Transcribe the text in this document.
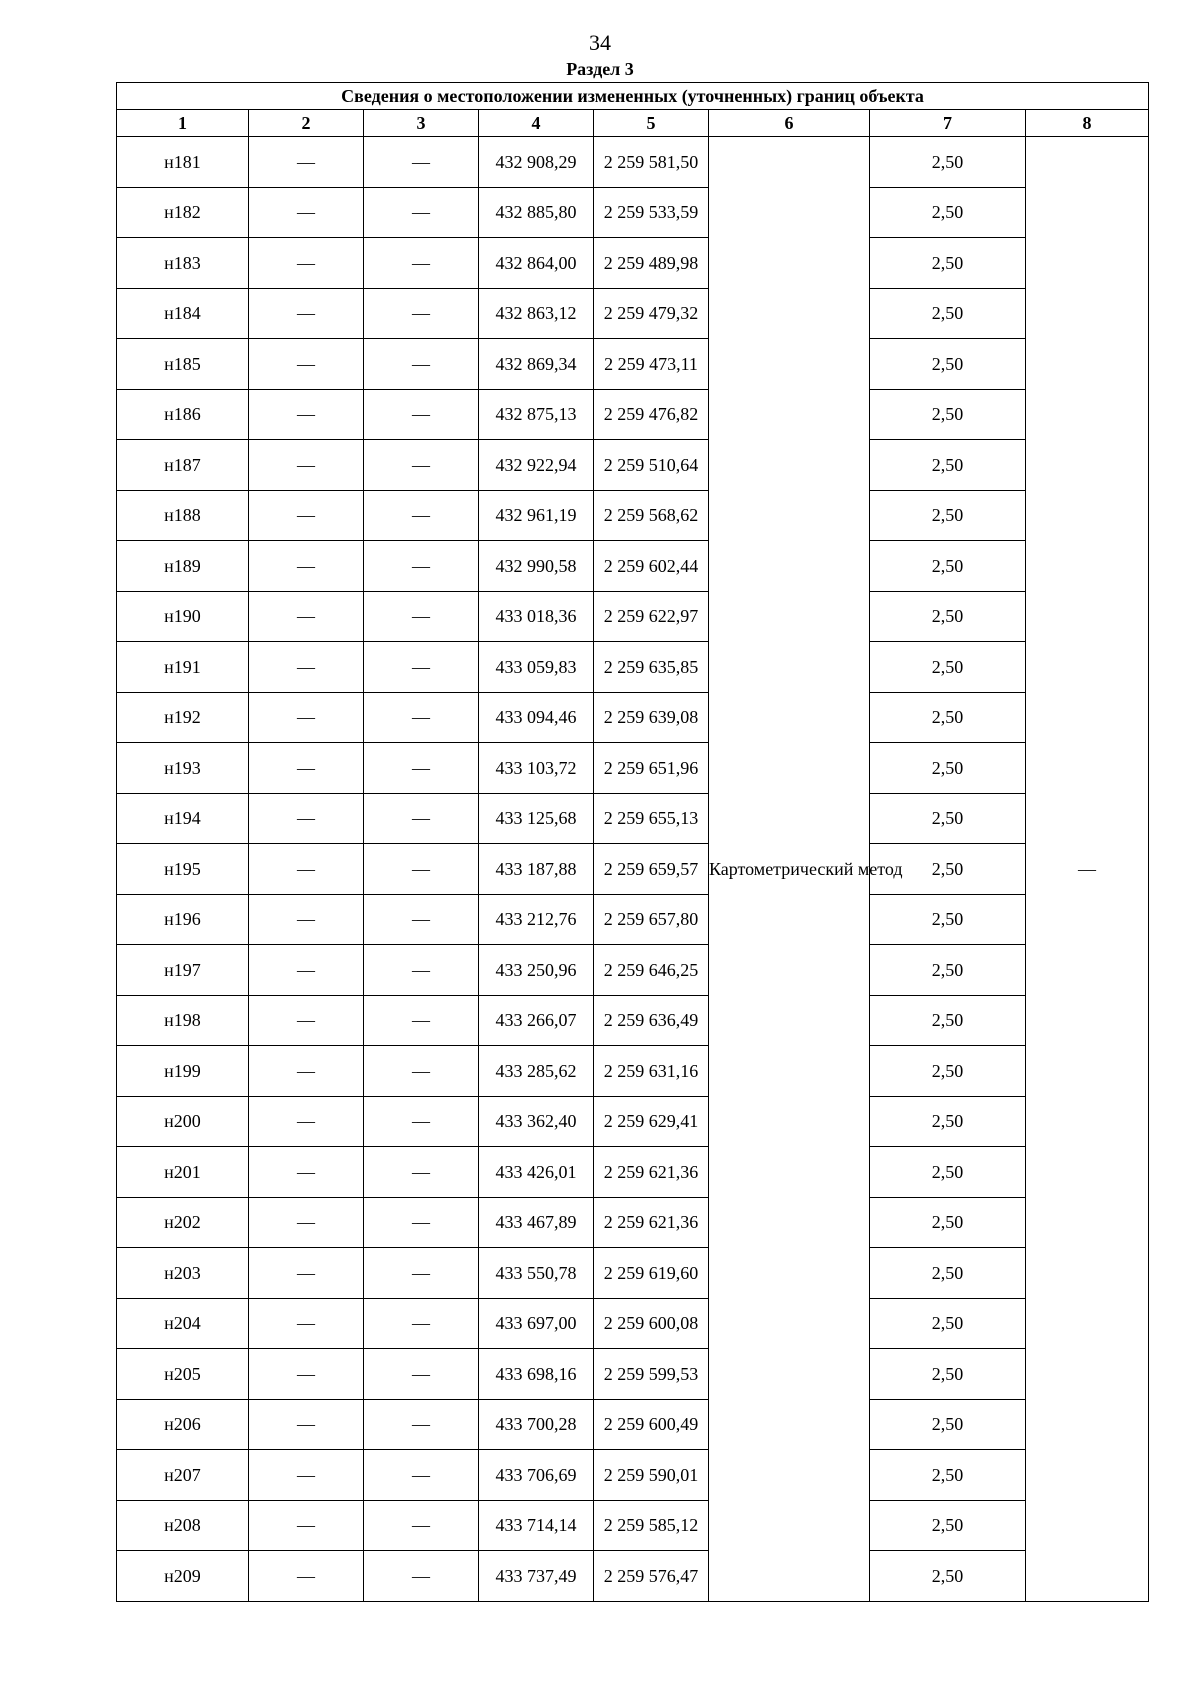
34
Раздел 3
Сведения о местоположении измененных (уточненных) границ объекта							
1	2	3	4	5	6	7	8
н181	—	—	432 908,29	2 259 581,50	Картометрический метод	2,50	—
н182	—	—	432 885,80	2 259 533,59		2,50	
н183	—	—	432 864,00	2 259 489,98		2,50	
н184	—	—	432 863,12	2 259 479,32		2,50	
н185	—	—	432 869,34	2 259 473,11		2,50	
н186	—	—	432 875,13	2 259 476,82		2,50	
н187	—	—	432 922,94	2 259 510,64		2,50	
н188	—	—	432 961,19	2 259 568,62		2,50	
н189	—	—	432 990,58	2 259 602,44		2,50	
н190	—	—	433 018,36	2 259 622,97		2,50	
н191	—	—	433 059,83	2 259 635,85		2,50	
н192	—	—	433 094,46	2 259 639,08		2,50	
н193	—	—	433 103,72	2 259 651,96		2,50	
н194	—	—	433 125,68	2 259 655,13		2,50	
н195	—	—	433 187,88	2 259 659,57		2,50	
н196	—	—	433 212,76	2 259 657,80		2,50	
н197	—	—	433 250,96	2 259 646,25		2,50	
н198	—	—	433 266,07	2 259 636,49		2,50	
н199	—	—	433 285,62	2 259 631,16		2,50	
н200	—	—	433 362,40	2 259 629,41		2,50	
н201	—	—	433 426,01	2 259 621,36		2,50	
н202	—	—	433 467,89	2 259 621,36		2,50	
н203	—	—	433 550,78	2 259 619,60		2,50	
н204	—	—	433 697,00	2 259 600,08		2,50	
н205	—	—	433 698,16	2 259 599,53		2,50	
н206	—	—	433 700,28	2 259 600,49		2,50	
н207	—	—	433 706,69	2 259 590,01		2,50	
н208	—	—	433 714,14	2 259 585,12		2,50	
н209	—	—	433 737,49	2 259 576,47		2,50	
